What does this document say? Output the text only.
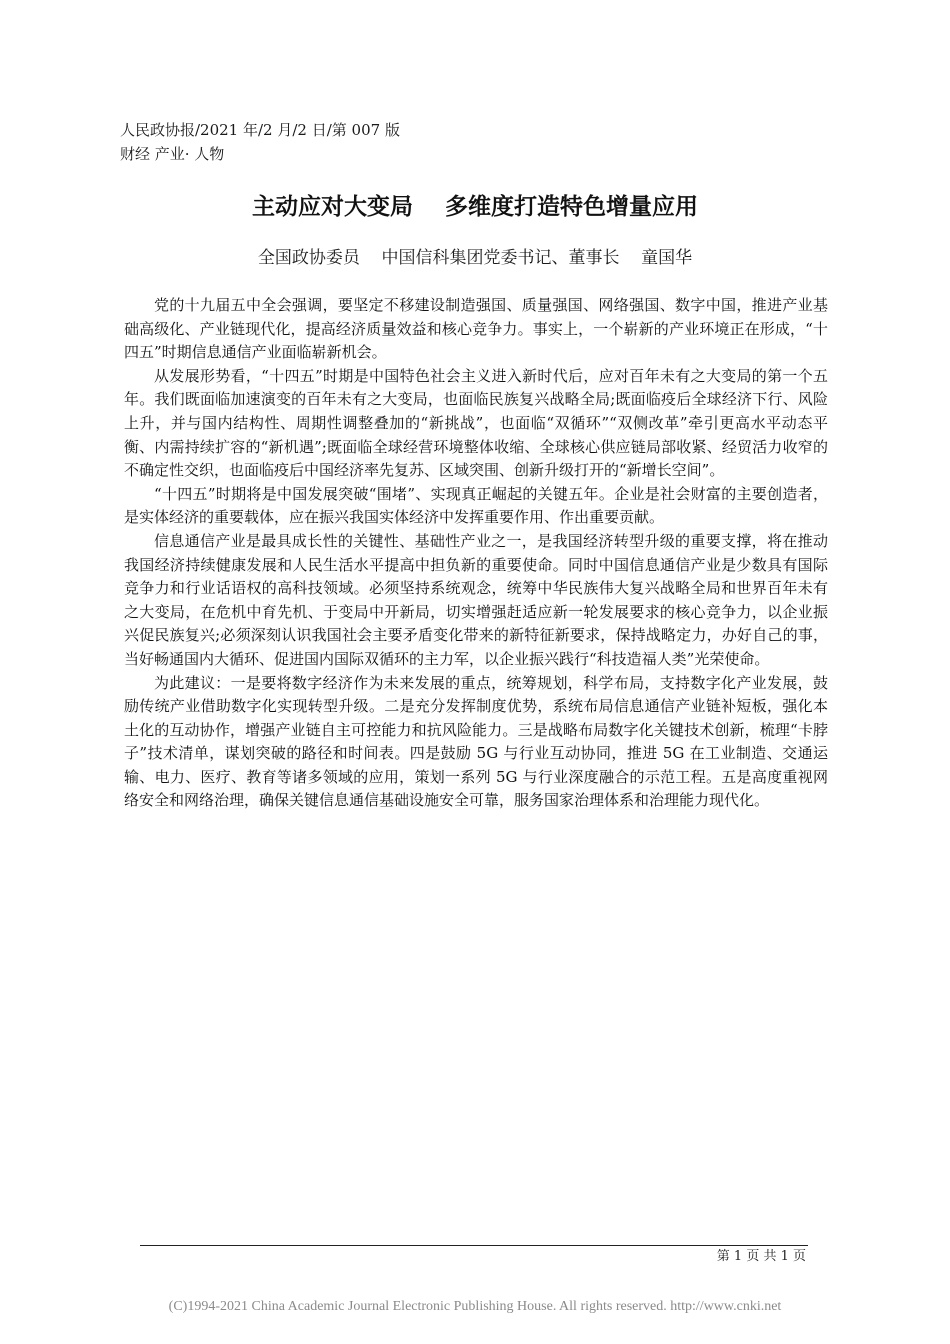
人民政协报/2021 年/2 月/2 日/第 007 版
财经 产业· 人物
主动应对大变局    多维度打造特色增量应用
全国政协委员    中国信科集团党委书记、董事长    童国华

党的十九届五中全会强调，要坚定不移建设制造强国、质量强国、网络强国、数字中国，推进产业基础高级化、产业链现代化，提高经济质量效益和核心竞争力。事实上，一个崭新的产业环境正在形成，“十四五”时期信息通信产业面临崭新机会。

从发展形势看，“十四五”时期是中国特色社会主义进入新时代后，应对百年未有之大变局的第一个五年。我们既面临加速演变的百年未有之大变局，也面临民族复兴战略全局;既面临疫后全球经济下行、风险上升，并与国内结构性、周期性调整叠加的“新挑战”，也面临“双循环”“双侧改革”牵引更高水平动态平衡、内需持续扩容的“新机遇”;既面临全球经营环境整体收缩、全球核心供应链局部收紧、经贸活力收窄的不确定性交织，也面临疫后中国经济率先复苏、区域突围、创新升级打开的“新增长空间”。

“十四五”时期将是中国发展突破“围堵”、实现真正崛起的关键五年。企业是社会财富的主要创造者，是实体经济的重要载体，应在振兴我国实体经济中发挥重要作用、作出重要贡献。

信息通信产业是最具成长性的关键性、基础性产业之一，是我国经济转型升级的重要支撑，将在推动我国经济持续健康发展和人民生活水平提高中担负新的重要使命。同时中国信息通信产业是少数具有国际竞争力和行业话语权的高科技领域。必须坚持系统观念，统筹中华民族伟大复兴战略全局和世界百年未有之大变局，在危机中育先机、于变局中开新局，切实增强赶适应新一轮发展要求的核心竞争力，以企业振兴促民族复兴;必须深刻认识我国社会主要矛盾变化带来的新特征新要求，保持战略定力，办好自己的事，当好畅通国内大循环、促进国内国际双循环的主力军，以企业振兴践行“科技造福人类”光荣使命。

为此建议：一是要将数字经济作为未来发展的重点，统筹规划，科学布局，支持数字化产业发展，鼓励传统产业借助数字化实现转型升级。二是充分发挥制度优势，系统布局信息通信产业链补短板，强化本土化的互动协作，增强产业链自主可控能力和抗风险能力。三是战略布局数字化关键技术创新，梳理“卡脖子”技术清单，谋划突破的路径和时间表。四是鼓励 5G 与行业互动协同，推进 5G 在工业制造、交通运输、电力、医疗、教育等诸多领域的应用，策划一系列 5G 与行业深度融合的示范工程。五是高度重视网络安全和网络治理，确保关键信息通信基础设施安全可靠，服务国家治理体系和治理能力现代化。

第 1 页 共 1 页
(C)1994-2021 China Academic Journal Electronic Publishing House. All rights reserved. http://www.cnki.net
